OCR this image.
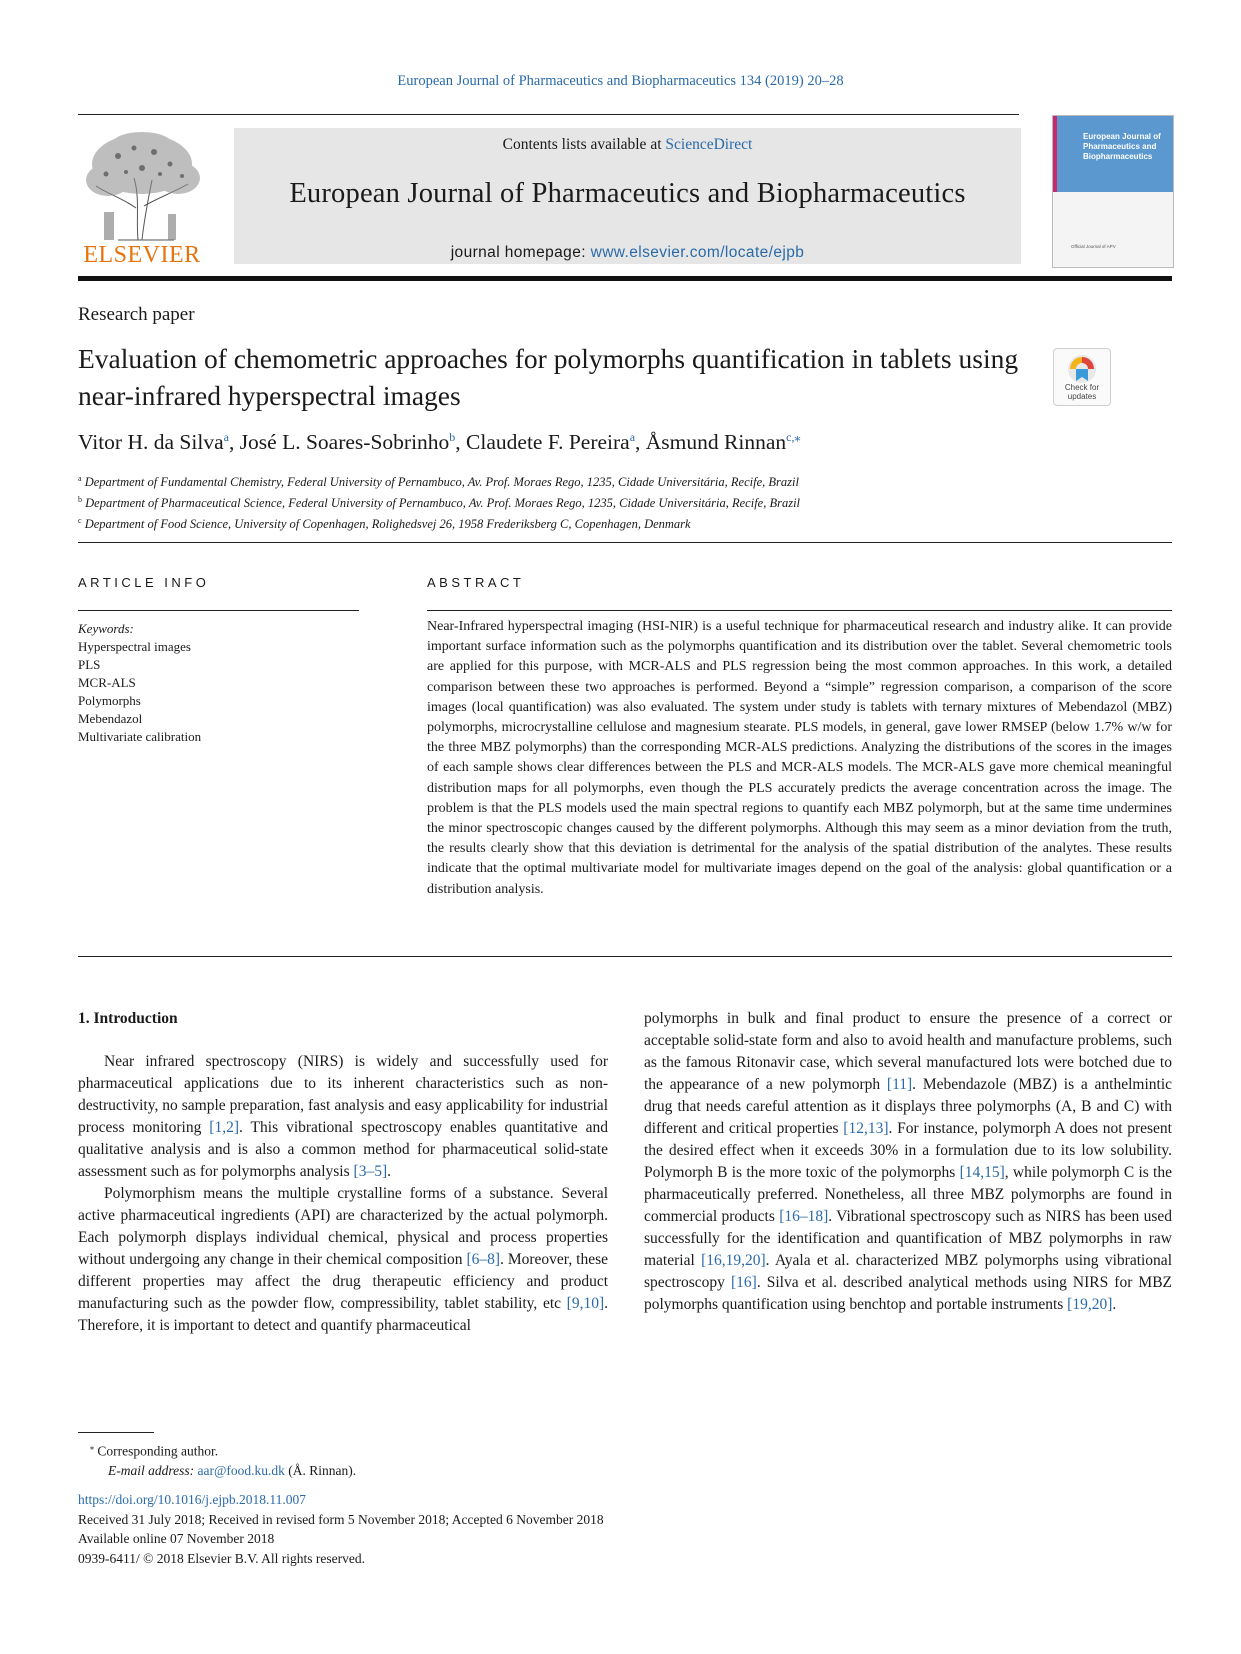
European Journal of Pharmaceutics and Biopharmaceutics 134 (2019) 20–28
ELSEVIER
Contents lists available at ScienceDirect
European Journal of Pharmaceutics and Biopharmaceutics
journal homepage: www.elsevier.com/locate/ejpb
European Journal of Pharmaceutics and Biopharmaceutics
Official Journal of APV
Research paper
Evaluation of chemometric approaches for polymorphs quantification in tablets using near-infrared hyperspectral images	Check for updates
Vitor H. da Silva$^a$, José L. Soares-Sobrinho$^b$, Claudete F. Pereira$^a$, Åsmund Rinnan$^{c,⁎}$
$^a$ Department of Fundamental Chemistry, Federal University of Pernambuco, Av. Prof. Moraes Rego, 1235, Cidade Universitária, Recife, Brazil
$^b$ Department of Pharmaceutical Science, Federal University of Pernambuco, Av. Prof. Moraes Rego, 1235, Cidade Universitária, Recife, Brazil
$^c$ Department of Food Science, University of Copenhagen, Rolighedsvej 26, 1958 Frederiksberg C, Copenhagen, Denmark
ARTICLE INFO
Keywords:
Hyperspectral images
PLS
MCR-ALS
Polymorphs
Mebendazol
Multivariate calibration
ABSTRACT
Near-Infrared hyperspectral imaging (HSI-NIR) is a useful technique for pharmaceutical research and industry alike. It can provide important surface information such as the polymorphs quantification and its distribution over the tablet. Several chemometric tools are applied for this purpose, with MCR-ALS and PLS regression being the most common approaches. In this work, a detailed comparison between these two approaches is performed. Beyond a “simple” regression comparison, a comparison of the score images (local quantification) was also evaluated. The system under study is tablets with ternary mixtures of Mebendazol (MBZ) polymorphs, microcrystalline cellulose and magnesium stearate. PLS models, in general, gave lower RMSEP (below 1.7% w/w for the three MBZ polymorphs) than the corresponding MCR-ALS predictions. Analyzing the distributions of the scores in the images of each sample shows clear differences between the PLS and MCR-ALS models. The MCR-ALS gave more chemical meaningful distribution maps for all polymorphs, even though the PLS accurately predicts the average concentration across the image. The problem is that the PLS models used the main spectral regions to quantify each MBZ polymorph, but at the same time undermines the minor spectroscopic changes caused by the different polymorphs. Although this may seem as a minor deviation from the truth, the results clearly show that this deviation is detrimental for the analysis of the spatial distribution of the analytes. These results indicate that the optimal multivariate model for multivariate images depend on the goal of the analysis: global quantification or a distribution analysis.
1. Introduction

Near infrared spectroscopy (NIRS) is widely and successfully used for pharmaceutical applications due to its inherent characteristics such as non-destructivity, no sample preparation, fast analysis and easy applicability for industrial process monitoring [1,2]. This vibrational spectroscopy enables quantitative and qualitative analysis and is also a common method for pharmaceutical solid-state assessment such as for polymorphs analysis [3–5].

Polymorphism means the multiple crystalline forms of a substance. Several active pharmaceutical ingredients (API) are characterized by the actual polymorph. Each polymorph displays individual chemical, physical and process properties without undergoing any change in their chemical composition [6–8]. Moreover, these different properties may affect the drug therapeutic efficiency and product manufacturing such as the powder flow, compressibility, tablet stability, etc [9,10]. Therefore, it is important to detect and quantify pharmaceutical

polymorphs in bulk and final product to ensure the presence of a correct or acceptable solid-state form and also to avoid health and manufacture problems, such as the famous Ritonavir case, which several manufactured lots were botched due to the appearance of a new polymorph [11]. Mebendazole (MBZ) is a anthelmintic drug that needs careful attention as it displays three polymorphs (A, B and C) with different and critical properties [12,13]. For instance, polymorph A does not present the desired effect when it exceeds 30% in a formulation due to its low solubility. Polymorph B is the more toxic of the polymorphs [14,15], while polymorph C is the pharmaceutically preferred. Nonetheless, all three MBZ polymorphs are found in commercial products [16–18]. Vibrational spectroscopy such as NIRS has been used successfully for the identification and quantification of MBZ polymorphs in raw material [16,19,20]. Ayala et al. characterized MBZ polymorphs using vibrational spectroscopy [16]. Silva et al. described analytical methods using NIRS for MBZ polymorphs quantification using benchtop and portable instruments [19,20].

⁎ Corresponding author.
E-mail address: aar@food.ku.dk (Å. Rinnan).
https://doi.org/10.1016/j.ejpb.2018.11.007
Received 31 July 2018; Received in revised form 5 November 2018; Accepted 6 November 2018
Available online 07 November 2018
0939-6411/ © 2018 Elsevier B.V. All rights reserved.
